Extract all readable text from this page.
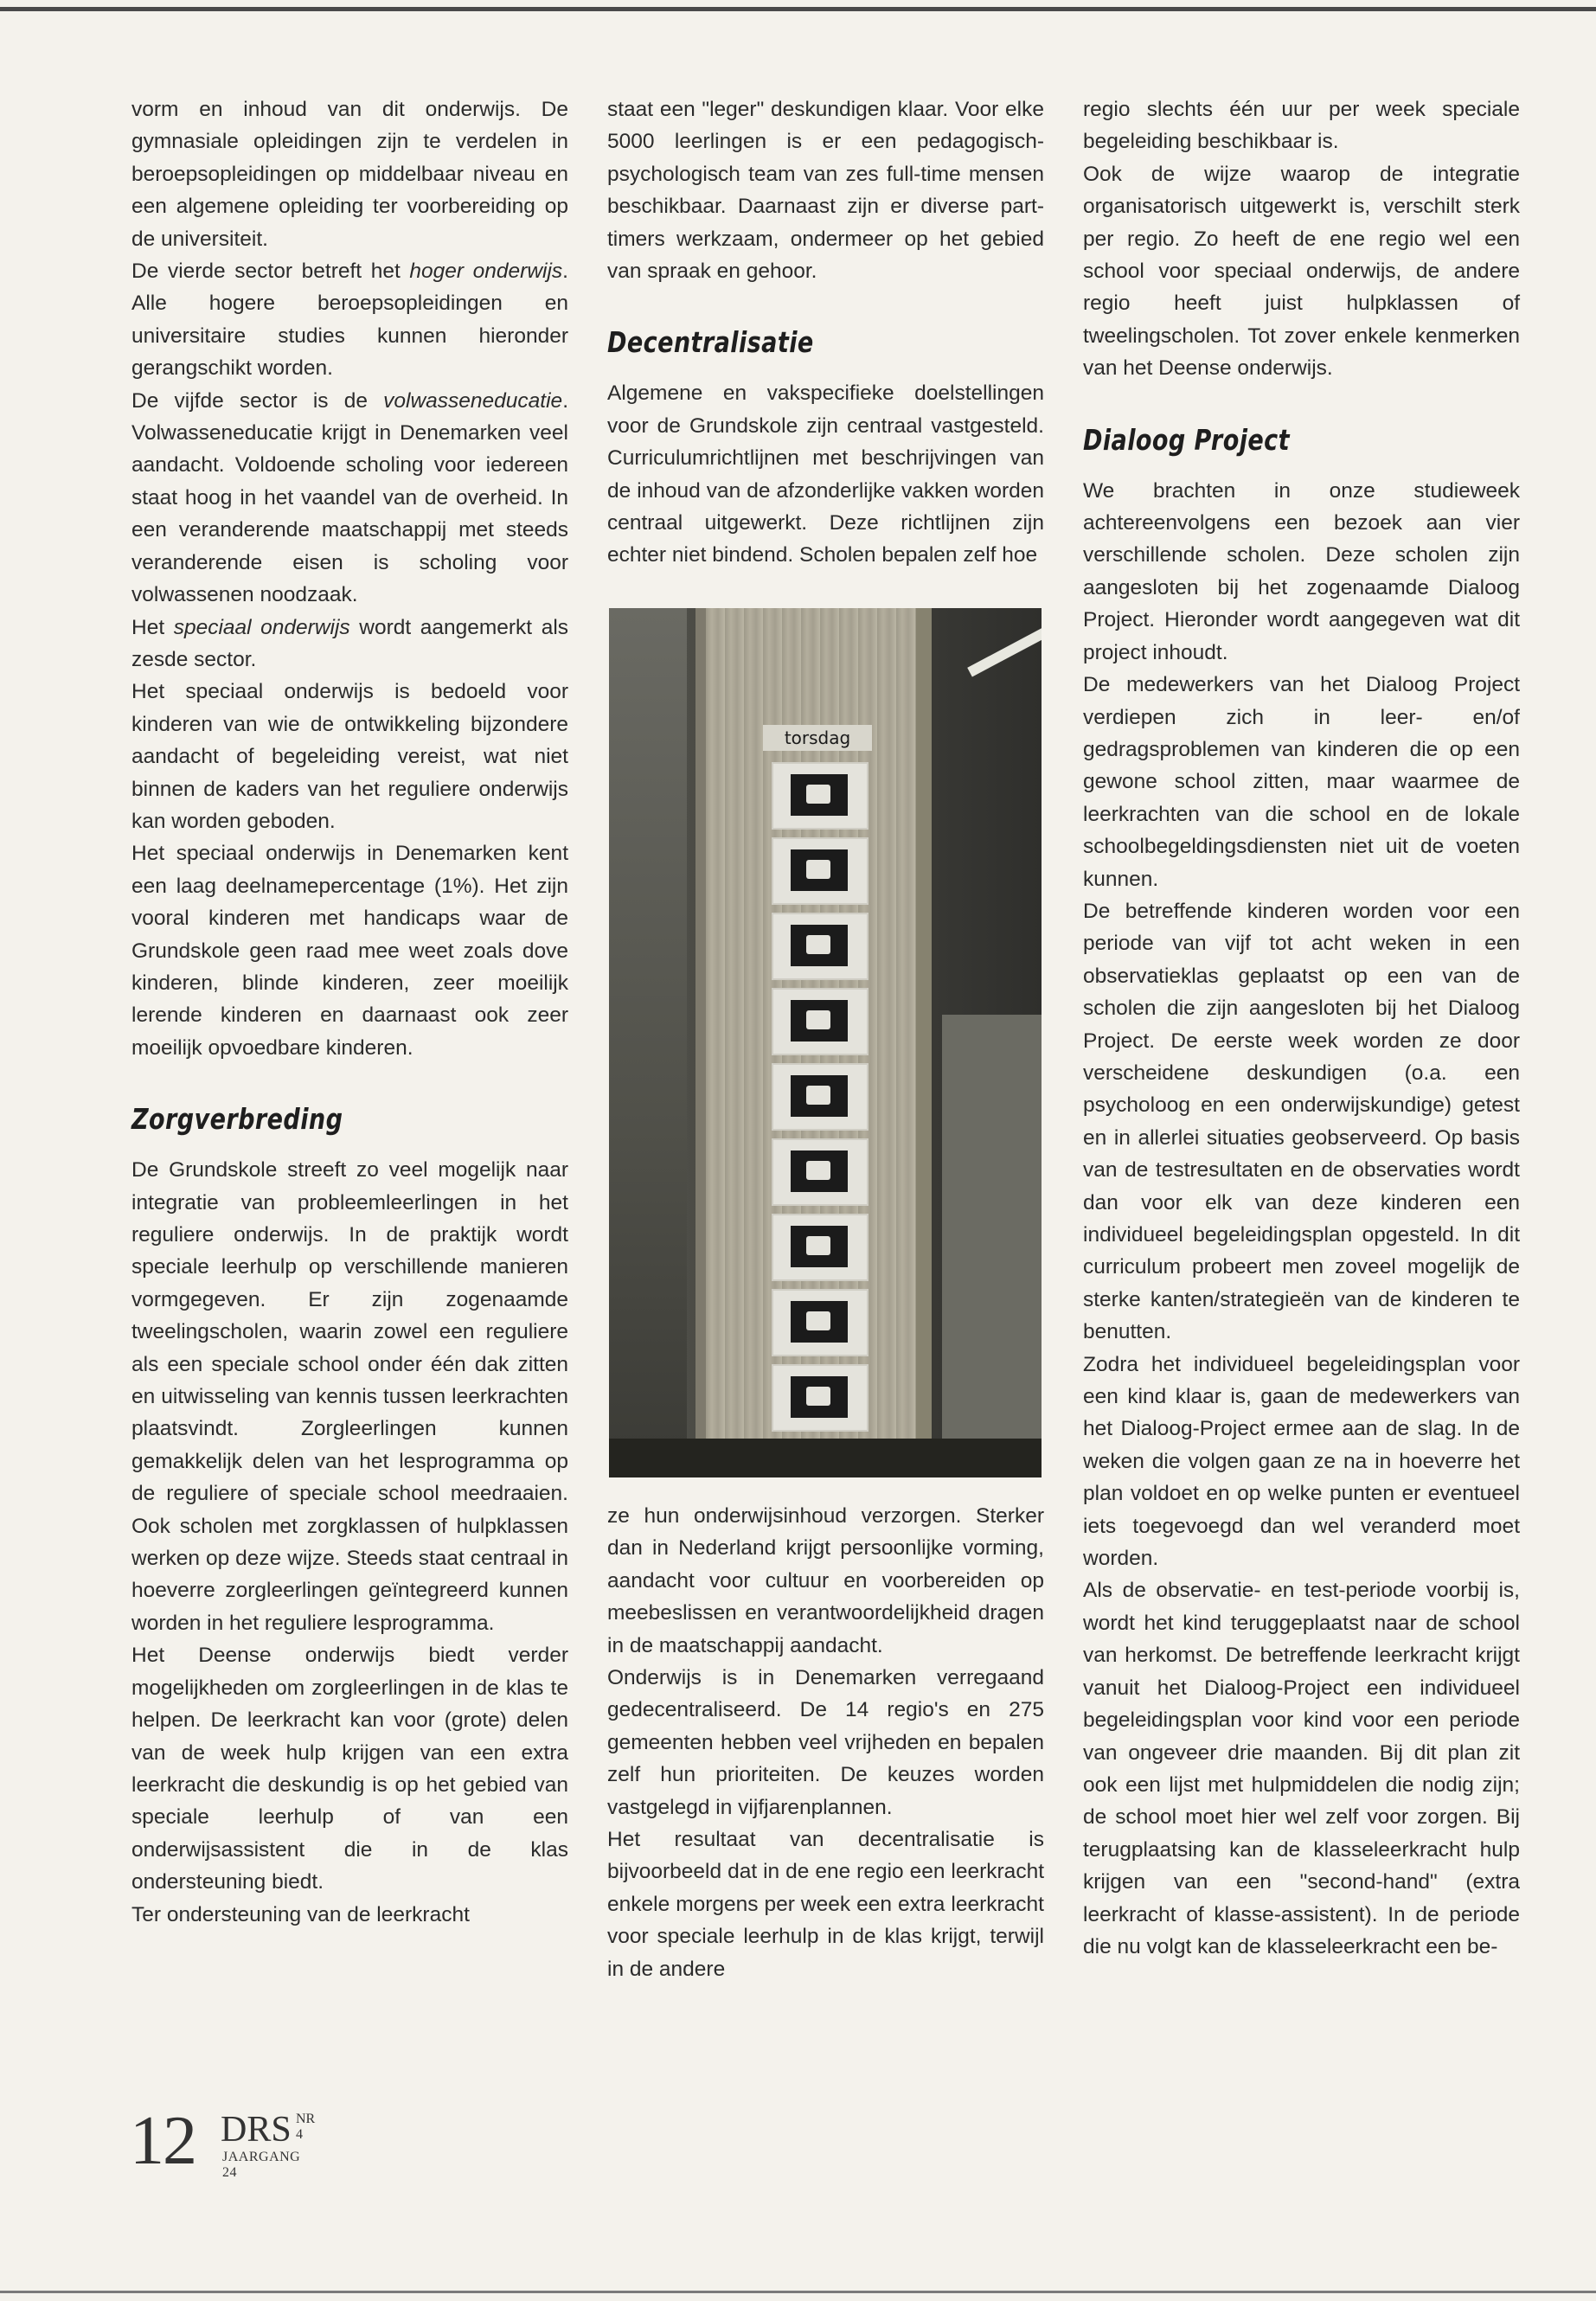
vorm en inhoud van dit onderwijs. De gymnasiale opleidingen zijn te verdelen in beroepsopleidingen op middelbaar niveau en een algemene opleiding ter voorbereiding op de universiteit.

De vierde sector betreft het hoger onderwijs. Alle hogere beroepsopleidingen en universitaire studies kunnen hieronder gerangschikt worden.

De vijfde sector is de volwasseneducatie. Volwasseneducatie krijgt in Denemarken veel aandacht. Voldoende scholing voor iedereen staat hoog in het vaandel van de overheid. In een veranderende maatschappij met steeds veranderende eisen is scholing voor volwassenen noodzaak.

Het speciaal onderwijs wordt aangemerkt als zesde sector.

Het speciaal onderwijs is bedoeld voor kinderen van wie de ontwikkeling bijzondere aandacht of begeleiding vereist, wat niet binnen de kaders van het reguliere onderwijs kan worden geboden.

Het speciaal onderwijs in Denemarken kent een laag deelnamepercentage (1%). Het zijn vooral kinderen met handicaps waar de Grundskole geen raad mee weet zoals dove kinderen, blinde kinderen, zeer moeilijk lerende kinderen en daarnaast ook zeer moeilijk opvoedbare kinderen.

Zorgverbreding

De Grundskole streeft zo veel mogelijk naar integratie van probleemleerlingen in het reguliere onderwijs. In de praktijk wordt speciale leerhulp op verschillende manieren vormgegeven. Er zijn zogenaamde tweelingscholen, waarin zowel een reguliere als een speciale school onder één dak zitten en uitwisseling van kennis tussen leerkrachten plaatsvindt. Zorgleerlingen kunnen gemakkelijk delen van het lesprogramma op de reguliere of speciale school meedraaien. Ook scholen met zorgklassen of hulpklassen werken op deze wijze. Steeds staat centraal in hoeverre zorgleerlingen geïntegreerd kunnen worden in het reguliere lesprogramma.

Het Deense onderwijs biedt verder mogelijkheden om zorgleerlingen in de klas te helpen. De leerkracht kan voor (grote) delen van de week hulp krijgen van een extra leerkracht die deskundig is op het gebied van speciale leerhulp of van een onderwijsassistent die in de klas ondersteuning biedt.

Ter ondersteuning van de leerkracht

staat een "leger" deskundigen klaar. Voor elke 5000 leerlingen is er een pedagogisch-psychologisch team van zes full-time mensen beschikbaar. Daarnaast zijn er diverse part-timers werkzaam, ondermeer op het gebied van spraak en gehoor.

Decentralisatie

Algemene en vakspecifieke doelstellingen voor de Grundskole zijn centraal vastgesteld. Curriculumrichtlijnen met beschrijvingen van de inhoud van de afzonderlijke vakken worden centraal uitgewerkt. Deze richtlijnen zijn echter niet bindend. Scholen bepalen zelf hoe

torsdag

ze hun onderwijsinhoud verzorgen. Sterker dan in Nederland krijgt persoonlijke vorming, aandacht voor cultuur en voorbereiden op meebeslissen en verantwoordelijkheid dragen in de maatschappij aandacht.

Onderwijs is in Denemarken verregaand gedecentraliseerd. De 14 regio's en 275 gemeenten hebben veel vrijheden en bepalen zelf hun prioriteiten. De keuzes worden vastgelegd in vijfjarenplannen.

Het resultaat van decentralisatie is bijvoorbeeld dat in de ene regio een leerkracht enkele morgens per week een extra leerkracht voor speciale leerhulp in de klas krijgt, terwijl in de andere

regio slechts één uur per week speciale begeleiding beschikbaar is.

Ook de wijze waarop de integratie organisatorisch uitgewerkt is, verschilt sterk per regio. Zo heeft de ene regio wel een school voor speciaal onderwijs, de andere regio heeft juist hulpklassen of tweelingscholen. Tot zover enkele kenmerken van het Deense onderwijs.

Dialoog Project

We brachten in onze studieweek achtereenvolgens een bezoek aan vier verschillende scholen. Deze scholen zijn aangesloten bij het zogenaamde Dialoog Project. Hieronder wordt aangegeven wat dit project inhoudt.

De medewerkers van het Dialoog Project verdiepen zich in leer- en/of gedragsproblemen van kinderen die op een gewone school zitten, maar waarmee de leerkrachten van die school en de lokale schoolbegeldingsdiensten niet uit de voeten kunnen.

De betreffende kinderen worden voor een periode van vijf tot acht weken in een observatieklas geplaatst op een van de scholen die zijn aangesloten bij het Dialoog Project. De eerste week worden ze door verscheidene deskundigen (o.a. een psycholoog en een onderwijskundige) getest en in allerlei situaties geobserveerd. Op basis van de testresultaten en de observaties wordt dan voor elk van deze kinderen een individueel begeleidingsplan opgesteld. In dit curriculum probeert men zoveel mogelijk de sterke kanten/strategieën van de kinderen te benutten.

Zodra het individueel begeleidingsplan voor een kind klaar is, gaan de medewerkers van het Dialoog-Project ermee aan de slag. In de weken die volgen gaan ze na in hoeverre het plan voldoet en op welke punten er eventueel iets toegevoegd dan wel veranderd moet worden.

Als de observatie- en test-periode voorbij is, wordt het kind teruggeplaatst naar de school van herkomst. De betreffende leerkracht krijgt vanuit het Dialoog-Project een individueel begeleidingsplan voor kind voor een periode van ongeveer drie maanden. Bij dit plan zit ook een lijst met hulpmiddelen die nodig zijn; de school moet hier wel zelf voor zorgen. Bij terugplaatsing kan de klasseleerkracht hulp krijgen van een "second-hand" (extra leerkracht of klasse-assistent). In de periode die nu volgt kan de klasseleerkracht een be-

12 DRS NR 4
JAARGANG 24
